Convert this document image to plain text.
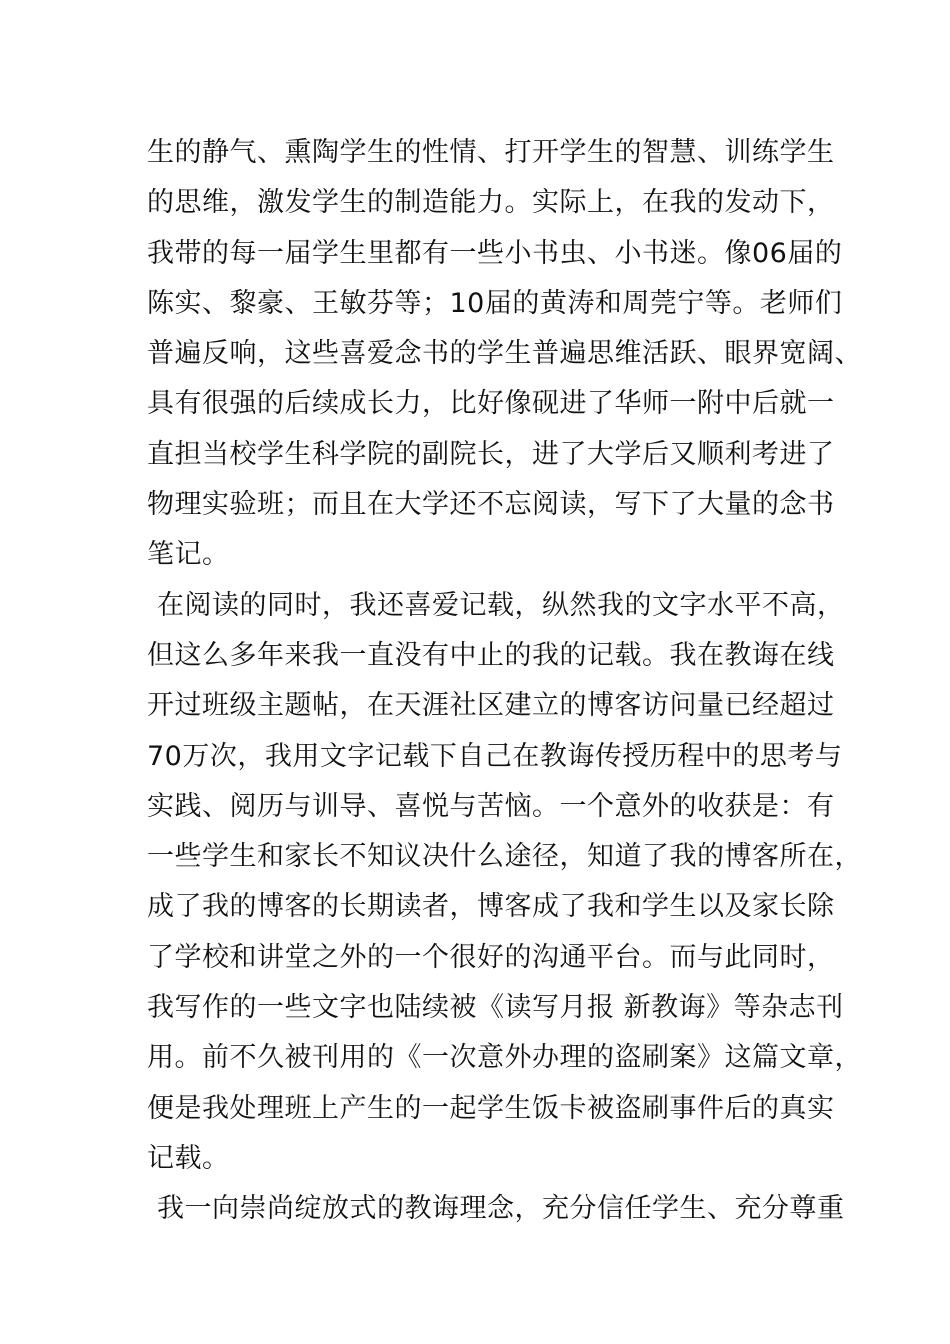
生的静气、熏陶学生的性情、打开学生的智慧、训练学生
的思维，激发学生的制造能力。实际上，在我的发动下，
我带的每一届学生里都有一些小书虫、小书迷。像06届的
陈实、黎豪、王敏芬等；10届的黄涛和周莞宁等。老师们
普遍反响，这些喜爱念书的学生普遍思维活跃、眼界宽阔、
具有很强的后续成长力，比好像砚进了华师一附中后就一
直担当校学生科学院的副院长，进了大学后又顺利考进了
物理实验班；而且在大学还不忘阅读，写下了大量的念书
笔记。
在阅读的同时，我还喜爱记载，纵然我的文字水平不高，
但这么多年来我一直没有中止的我的记载。我在教诲在线
开过班级主题帖，在天涯社区建立的博客访问量已经超过
70万次，我用文字记载下自己在教诲传授历程中的思考与
实践、阅历与训导、喜悦与苦恼。一个意外的收获是：有
一些学生和家长不知议决什么途径，知道了我的博客所在，
成了我的博客的长期读者，博客成了我和学生以及家长除
了学校和讲堂之外的一个很好的沟通平台。而与此同时，
我写作的一些文字也陆续被《读写月报 新教诲》等杂志刊
用。前不久被刊用的《一次意外办理的盗刷案》这篇文章，
便是我处理班上产生的一起学生饭卡被盗刷事件后的真实
记载。
我一向崇尚绽放式的教诲理念，充分信任学生、充分尊重
